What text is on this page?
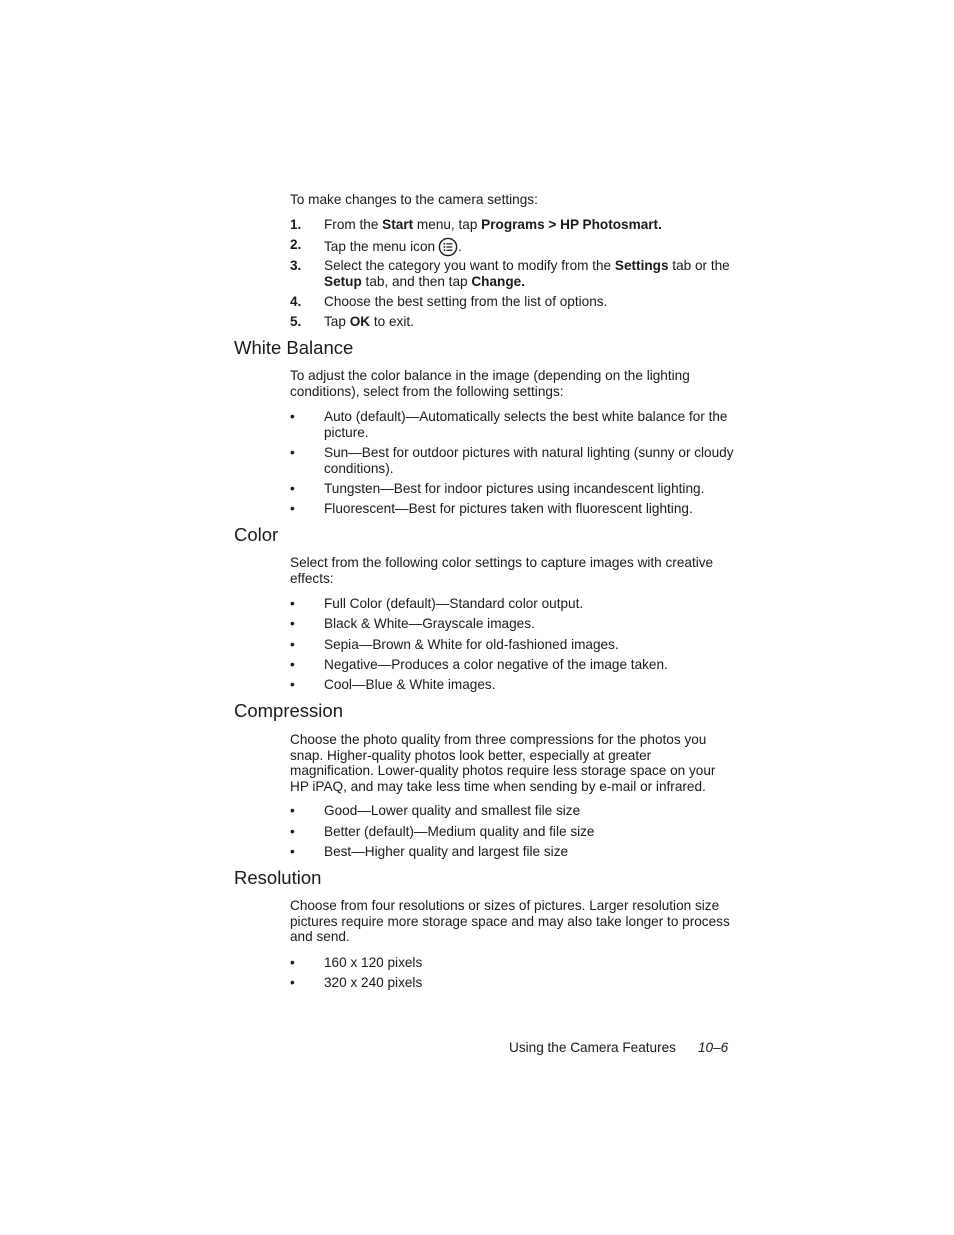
To make changes to the camera settings:
1. From the Start menu, tap Programs > HP Photosmart.
2. Tap the menu icon .
3. Select the category you want to modify from the Settings tab or the Setup tab, and then tap Change.
4. Choose the best setting from the list of options.
5. Tap OK to exit.
White Balance
To adjust the color balance in the image (depending on the lighting conditions), select from the following settings:
• Auto (default)—Automatically selects the best white balance for the picture.
• Sun—Best for outdoor pictures with natural lighting (sunny or cloudy conditions).
• Tungsten—Best for indoor pictures using incandescent lighting.
• Fluorescent—Best for pictures taken with fluorescent lighting.
Color
Select from the following color settings to capture images with creative effects:
• Full Color (default)—Standard color output.
• Black & White—Grayscale images.
• Sepia—Brown & White for old-fashioned images.
• Negative—Produces a color negative of the image taken.
• Cool—Blue & White images.
Compression
Choose the photo quality from three compressions for the photos you snap. Higher-quality photos look better, especially at greater magnification. Lower-quality photos require less storage space on your HP iPAQ, and may take less time when sending by e-mail or infrared.
• Good—Lower quality and smallest file size
• Better (default)—Medium quality and file size
• Best—Higher quality and largest file size
Resolution
Choose from four resolutions or sizes of pictures. Larger resolution size pictures require more storage space and may also take longer to process and send.
• 160 x 120 pixels
• 320 x 240 pixels
Using the Camera Features 10–6
